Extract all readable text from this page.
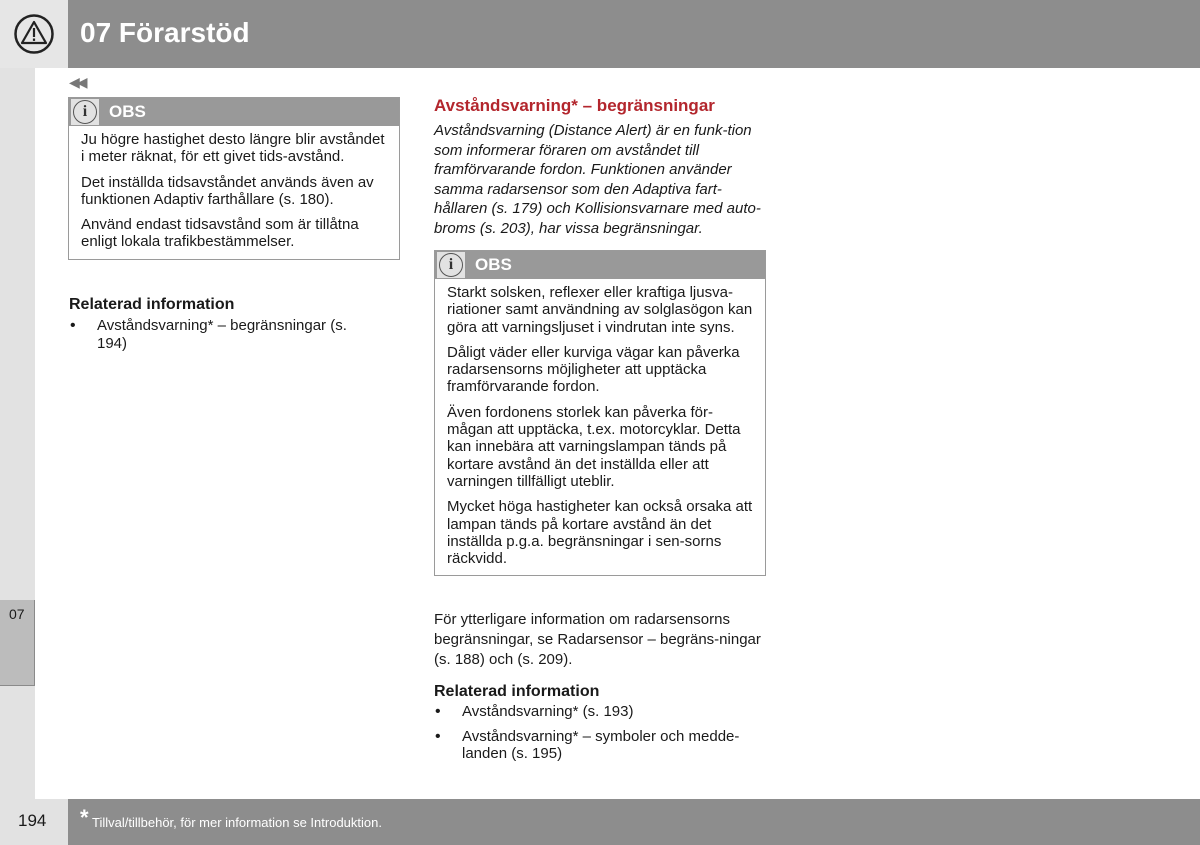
07 Förarstöd
◀◀
07
i	OBS

Ju högre hastighet desto längre blir avståndet i meter räknat, för ett givet tids-avstånd.

Det inställda tidsavståndet används även av funktionen Adaptiv farthållare (s. 180).

Använd endast tidsavstånd som är tillåtna enligt lokala trafikbestämmelser.

Relaterad information
• Avståndsvarning* – begränsningar (s. 194)
Avståndsvarning* – begränsningar
Avståndsvarning (Distance Alert) är en funk-tion som informerar föraren om avståndet till framförvarande fordon. Funktionen använder samma radarsensor som den Adaptiva fart-hållaren (s. 179) och Kollisionsvarnare med auto-broms (s. 203), har vissa begränsningar.
i	OBS

Starkt solsken, reflexer eller kraftiga ljusva-riationer samt användning av solglasögon kan göra att varningsljuset i vindrutan inte syns.

Dåligt väder eller kurviga vägar kan påverka radarsensorns möjligheter att upptäcka framförvarande fordon.

Även fordonens storlek kan påverka för-mågan att upptäcka, t.ex. motorcyklar. Detta kan innebära att varningslampan tänds på kortare avstånd än det inställda eller att varningen tillfälligt uteblir.

Mycket höga hastigheter kan också orsaka att lampan tänds på kortare avstånd än det inställda p.g.a. begränsningar i sen-sorns räckvidd.

För ytterligare information om radarsensorns begränsningar, se Radarsensor – begräns-ningar (s. 188) och (s. 209).
Relaterad information
• Avståndsvarning* (s. 193)
• Avståndsvarning* – symboler och medde-landen (s. 195)
194 * Tillval/tillbehör, för mer information se Introduktion.
